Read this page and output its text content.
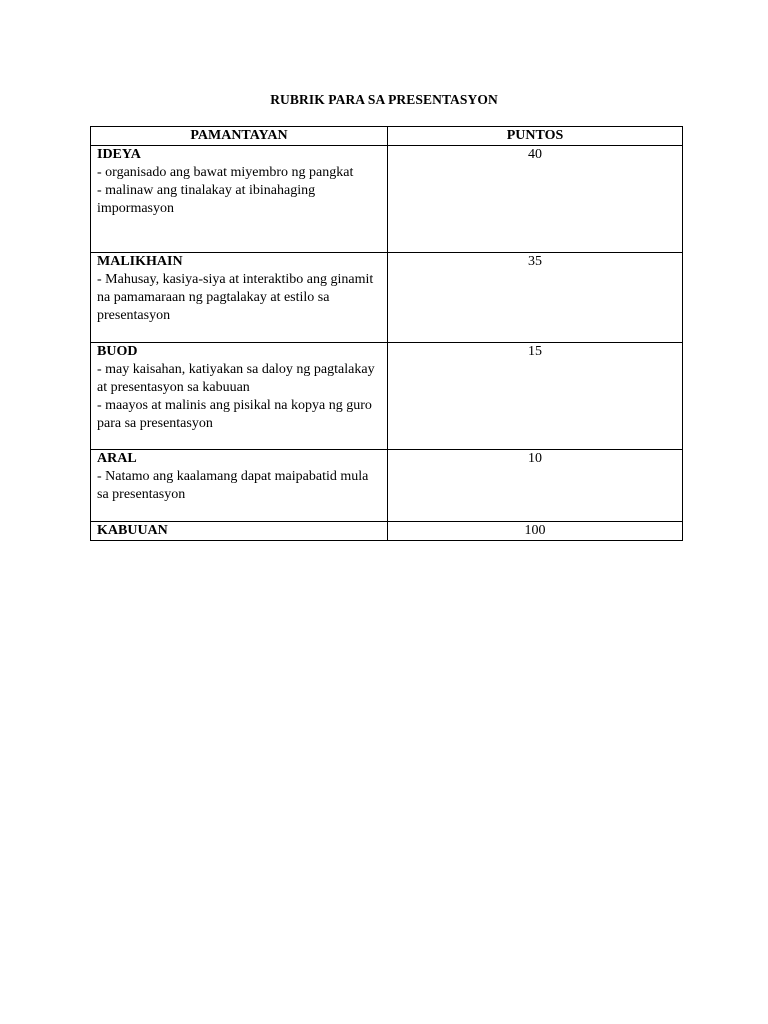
RUBRIK PARA SA PRESENTASYON
PAMANTAYAN	PUNTOS

IDEYA
- organisado ang bawat miyembro ng pangkat
- malinaw ang tinalakay at ibinahaging impormasyon	40

MALIKHAIN
- Mahusay, kasiya-siya at interaktibo ang ginamit na pamamaraan ng pagtalakay at estilo sa presentasyon	35

BUOD
- may kaisahan, katiyakan sa daloy ng pagtalakay at presentasyon sa kabuuan
- maayos at malinis ang pisikal na kopya ng guro para sa presentasyon	15

ARAL
- Natamo ang kaalamang dapat maipabatid mula sa presentasyon	10

KABUUAN	100
